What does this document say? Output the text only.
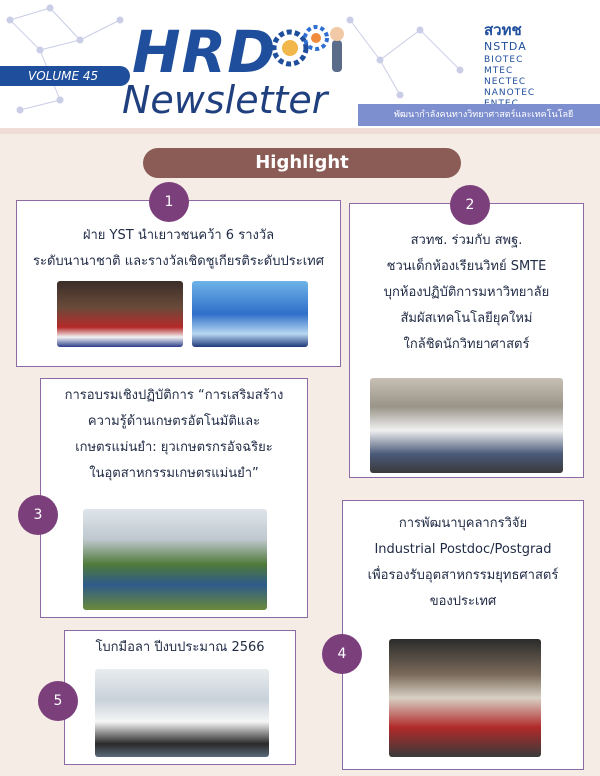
VOLUME 45 HRD
Newsletter
สวทช
NSTDA
BIOTEC
MTEC
NECTEC
NANOTEC
พัฒนากำลังคนทางวิทยาศาสตร์และเทคโนโลยี
Highlight
ฝ่าย YST นำเยาวชนคว้า 6 รางวัล
ระดับนานาชาติ และรางวัลเชิดชูเกียรติระดับประเทศ
1
สวทช. ร่วมกับ สพฐ.
ชวนเด็กห้องเรียนวิทย์ SMTE
บุกห้องปฏิบัติการมหาวิทยาลัย
สัมผัสเทคโนโลยียุคใหม่
ใกล้ชิดนักวิทยาศาสตร์
2
การอบรมเชิงปฏิบัติการ “การเสริมสร้าง
ความรู้ด้านเกษตรอัตโนมัติและ
เกษตรแม่นยำ: ยุวเกษตรกรอัจฉริยะ
ในอุตสาหกรรมเกษตรแม่นยำ”
3
การพัฒนาบุคลากรวิจัย
Industrial Postdoc/Postgrad
เพื่อรองรับอุตสาหกรรมยุทธศาสตร์
ของประเทศ
4
โบกมือลา ปีงบประมาณ 2566
5
